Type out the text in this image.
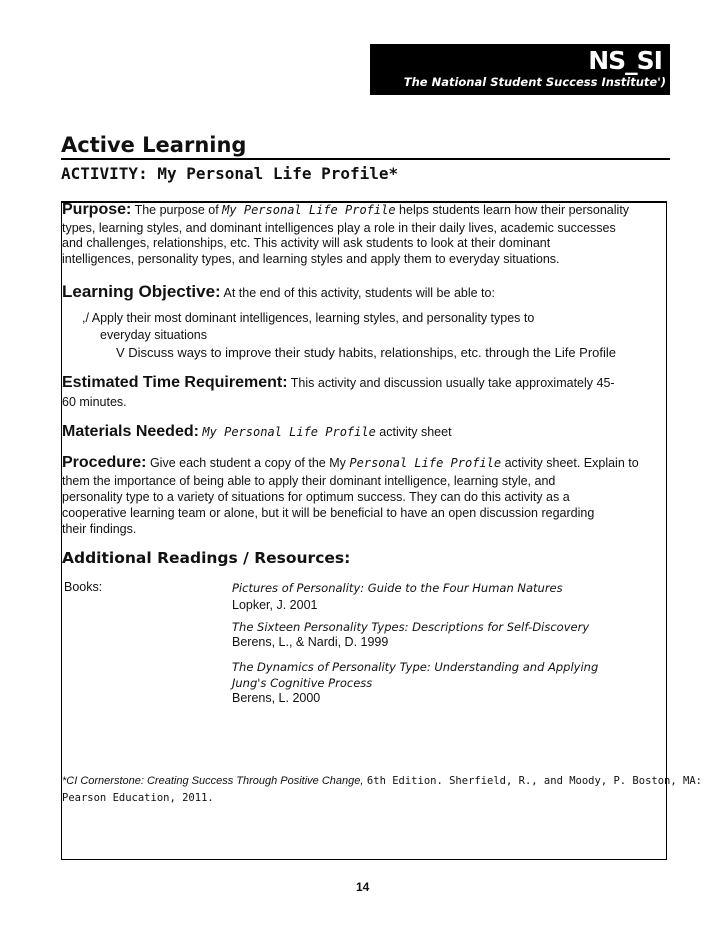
NS_SI
The National Student Success Institute')
Active Learning
ACTIVITY: My Personal Life Profile*
Purpose: The purpose of My Personal Life Profile helps students learn how their personality
types, learning styles, and dominant intelligences play a role in their daily lives, academic successes
and challenges, relationships, etc. This activity will ask students to look at their dominant
intelligences, personality types, and learning styles and apply them to everyday situations.
Learning Objective: At the end of this activity, students will be able to:
,/ Apply their most dominant intelligences, learning styles, and personality types to
everyday situations
V Discuss ways to improve their study habits, relationships, etc. through the Life Profile
Estimated Time Requirement: This activity and discussion usually take approximately 45-
60 minutes.
Materials Needed: My Personal Life Profile activity sheet
Procedure: Give each student a copy of the My Personal Life Profile activity sheet. Explain to
them the importance of being able to apply their dominant intelligence, learning style, and
personality type to a variety of situations for optimum success. They can do this activity as a
cooperative learning team or alone, but it will be beneficial to have an open discussion regarding
their findings.
Additional Readings / Resources:
Books:	Pictures of Personality: Guide to the Four Human Natures
Lopker, J. 2001
The Sixteen Personality Types: Descriptions for Self-Discovery
Berens, L., & Nardi, D. 1999
The Dynamics of Personality Type: Understanding and Applying
Jung's Cognitive Process
Berens, L. 2000
*CI Cornerstone: Creating Success Through Positive Change, 6th Edition. Sherfield, R., and Moody, P. Boston, MA:
Pearson Education, 2011.
14
